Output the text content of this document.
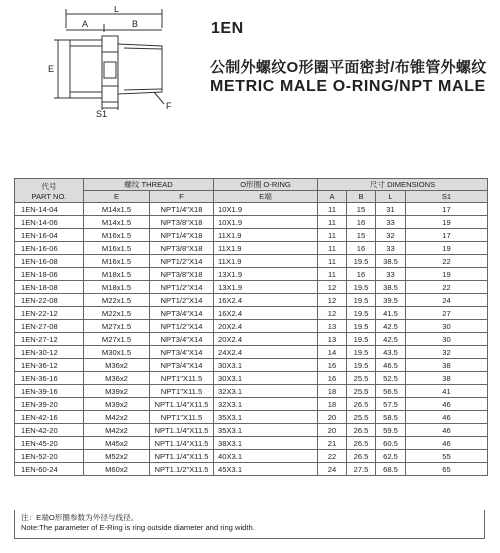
L
A	B
E
F
S1
1EN
公制外螺纹O形圈平面密封/布锥管外螺纹
METRIC MALE O-RING/NPT MALE
代号
PART NO.	螺纹 THREAD		O形圈 O-RING	尺寸 DIMENSIONS			
	E	F	E端	A	B	L	S1
1EN-14-04	M14x1.5	NPT1/4"X18	10X1.9	11	15	31	17
1EN-14-06	M14x1.5	NPT3/8"X18	10X1.9	11	16	33	19
1EN-16-04	M16x1.5	NPT1/4"X18	11X1.9	11	15	32	17
1EN-16-06	M16x1.5	NPT3/8"X18	11X1.9	11	16	33	19
1EN-16-08	M16x1.5	NPT1/2"X14	11X1.9	11	19.5	38.5	22
1EN-18-06	M18x1.5	NPT3/8"X18	13X1.9	11	16	33	19
1EN-18-08	M18x1.5	NPT1/2"X14	13X1.9	12	19.5	38.5	22
1EN-22-08	M22x1.5	NPT1/2"X14	16X2.4	12	19.5	39.5	24
1EN-22-12	M22x1.5	NPT3/4"X14	16X2.4	12	19.5	41.5	27
1EN-27-08	M27x1.5	NPT1/2"X14	20X2.4	13	19.5	42.5	30
1EN-27-12	M27x1.5	NPT3/4"X14	20X2.4	13	19.5	42.5	30
1EN-30-12	M30x1.5	NPT3/4"X14	24X2.4	14	19.5	43.5	32
1EN-36-12	M36x2	NPT3/4"X14	30X3.1	16	19.5	46.5	38
1EN-36-16	M36x2	NPT1"X11.5	30X3.1	16	25.5	52.5	38
1EN-39-16	M39x2	NPT1"X11.5	32X3.1	18	25.5	56.5	41
1EN-39-20	M39x2	NPT1.1/4"X11.5	32X3.1	18	26.5	57.5	46
1EN-42-16	M42x2	NPT1"X11.5	35X3.1	20	25.5	58.5	46
1EN-42-20	M42x2	NPT1.1/4"X11.5	35X3.1	20	26.5	59.5	46
1EN-45-20	M45x2	NPT1.1/4"X11.5	38X3.1	21	26.5	60.5	46
1EN-52-20	M52x2	NPT1.1/4"X11.5	40X3.1	22	26.5	62.5	55
1EN-60-24	M60x2	NPT1.1/2"X11.5	45X3.1	24	27.5	68.5	65
注：E端O形圈参数为外径与线径。
Note:The parameter of E-Ring is ring outside diameter and ring width.
